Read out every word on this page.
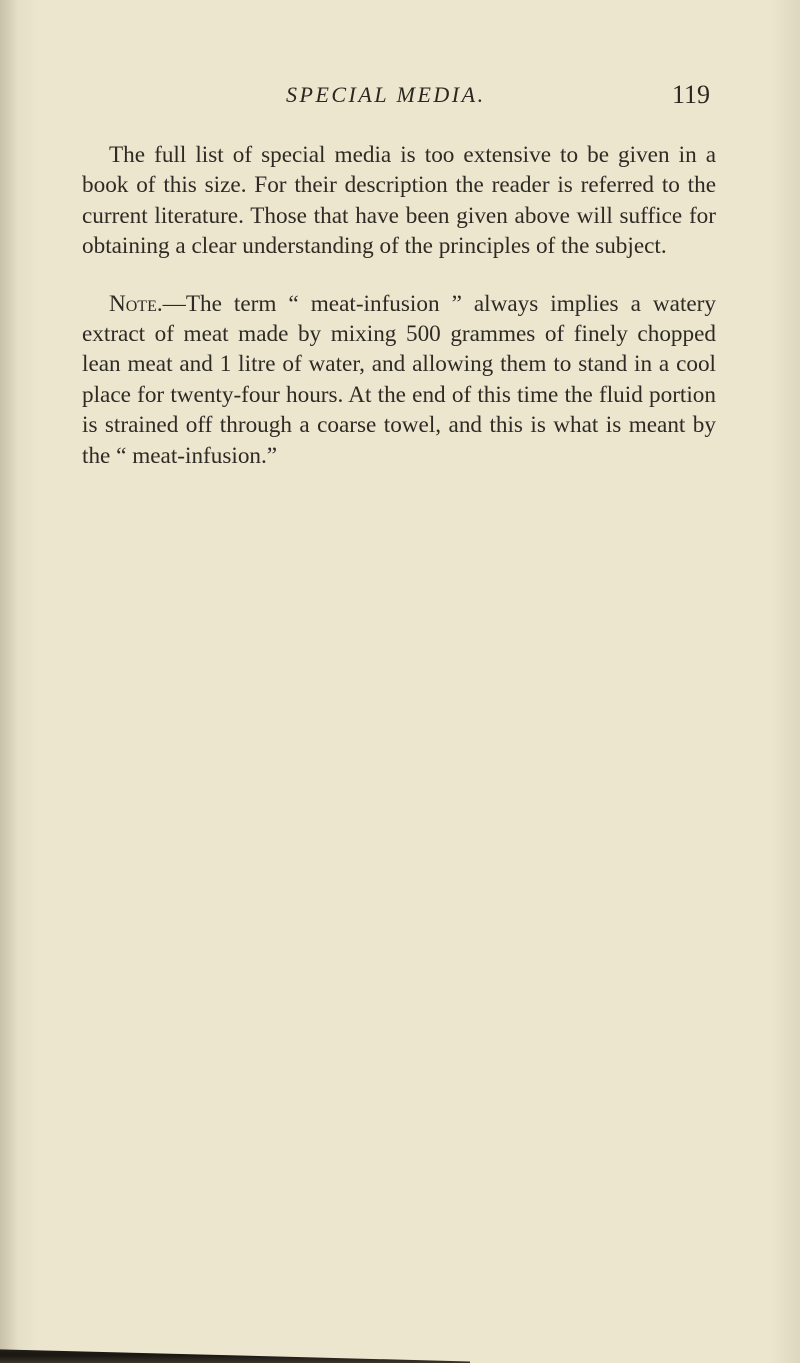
SPECIAL MEDIA.	119

The full list of special media is too extensive to be given in a book of this size. For their description the reader is referred to the current literature. Those that have been given above will suffice for obtaining a clear understanding of the principles of the subject.

Note.—The term “ meat-infusion ” always implies a watery extract of meat made by mixing 500 grammes of finely chopped lean meat and 1 litre of water, and allowing them to stand in a cool place for twenty-four hours. At the end of this time the fluid portion is strained off through a coarse towel, and this is what is meant by the “ meat-infusion.”
